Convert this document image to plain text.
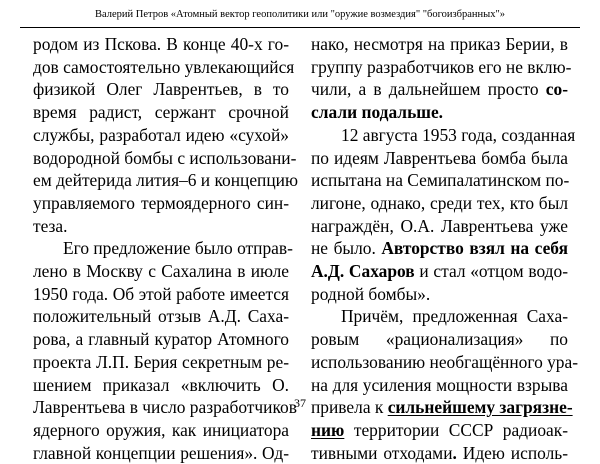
Валерий Петров «Атомный вектор геополитики или "оружие возмездия" "богоизбранных"»
родом из Пскова. В конце 40-х го-
дов самостоятельно увлекающийся
физикой Олег Лаврентьев, в то
время радист, сержант срочной
службы, разработал идею «сухой»
водородной бомбы с использовани-
ем дейтерида лития–6 и концепцию
управляемого термоядерного син-
теза.
Его предложение было отправ-
лено в Москву с Сахалина в июле
1950 года. Об этой работе имеется
положительный отзыв А.Д. Саха-
рова, а главный куратор Атомного
проекта Л.П. Берия секретным ре-
шением приказал «включить О.
Лаврентьева в число разработчиков
ядерного оружия, как инициатора
главной концепции решения». Од-
нако, несмотря на приказ Берии, в
группу разработчиков его не вклю-
чили, а в дальнейшем просто со-
слали подальше.
12 августа 1953 года, созданная
по идеям Лаврентьева бомба была
испытана на Семипалатинском по-
лигоне, однако, среди тех, кто был
награждён, О.А. Лаврентьева уже
не было. Авторство взял на себя
А.Д. Сахаров и стал «отцом водо-
родной бомбы».
Причём, предложенная Саха-
ровым «рационализация» по
использованию необгащённого ура-
на для усиления мощности взрыва
привела к сильнейшему загрязне-
нию территории СССР радиоак-
тивными отходами. Идею исполь-
37
